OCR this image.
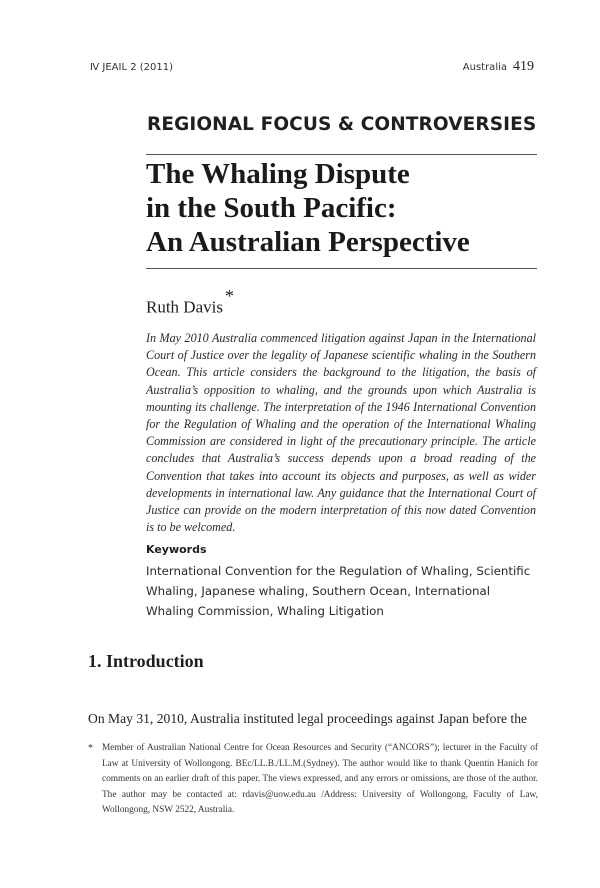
Ⅳ JEAIL 2 (2011)	Australia 419
REGIONAL FOCUS & CONTROVERSIES
The Whaling Dispute
in the South Pacific:
An Australian Perspective
Ruth Davis*

In May 2010 Australia commenced litigation against Japan in the International Court of Justice over the legality of Japanese scientific whaling in the Southern Ocean. This article considers the background to the litigation, the basis of Australia’s opposition to whaling, and the grounds upon which Australia is mounting its challenge. The interpretation of the 1946 International Convention for the Regulation of Whaling and the operation of the International Whaling Commission are considered in light of the precautionary principle. The article concludes that Australia’s success depends upon a broad reading of the Convention that takes into account its objects and purposes, as well as wider developments in international law. Any guidance that the International Court of Justice can provide on the modern interpretation of this now dated Convention is to be welcomed.

Keywords

International Convention for the Regulation of Whaling, Scientific Whaling, Japanese whaling, Southern Ocean, International Whaling Commission, Whaling Litigation

1. Introduction

On May 31, 2010, Australia instituted legal proceedings against Japan before the

* Member of Australian National Centre for Ocean Resources and Security (“ANCORS”); lecturer in the Faculty of Law at University of Wollongong. BEc/LL.B./LL.M.(Sydney). The author would like to thank Quentin Hanich for comments on an earlier draft of this paper. The views expressed, and any errors or omissions, are those of the author. The author may be contacted at: rdavis@uow.edu.au /Address: University of Wollongong, Faculty of Law, Wollongong, NSW 2522, Australia.
